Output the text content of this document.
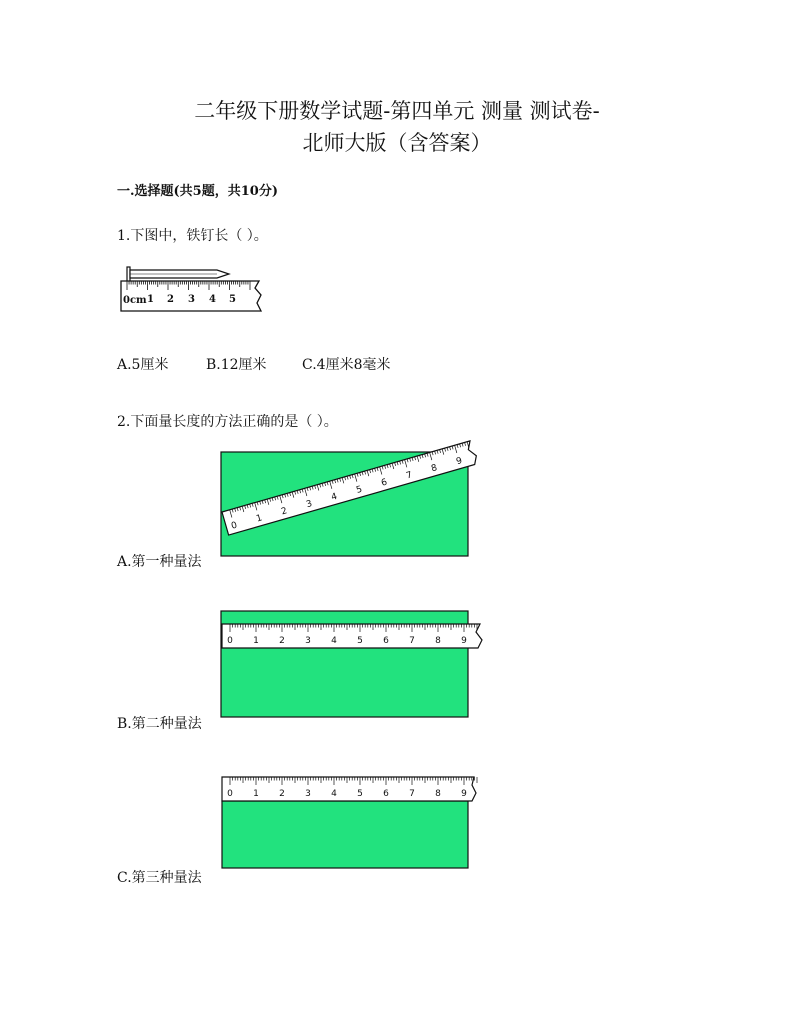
二年级下册数学试题-第四单元 测量 测试卷-
北师大版（含答案）
一.选择题(共5题，共10分)
1.下图中，铁钉长（ ）。
0cm 1 2 3 4 5
A.5厘米	B.12厘米	C.4厘米8毫米
2.下面量长度的方法正确的是（ ）。
0
1
2
3
4
5
6
7
8
9
A.第一种量法
0 1 2 3 4 5 6 7 8 9
B.第二种量法
0 1 2 3 4 5 6 7 8 9
C.第三种量法
